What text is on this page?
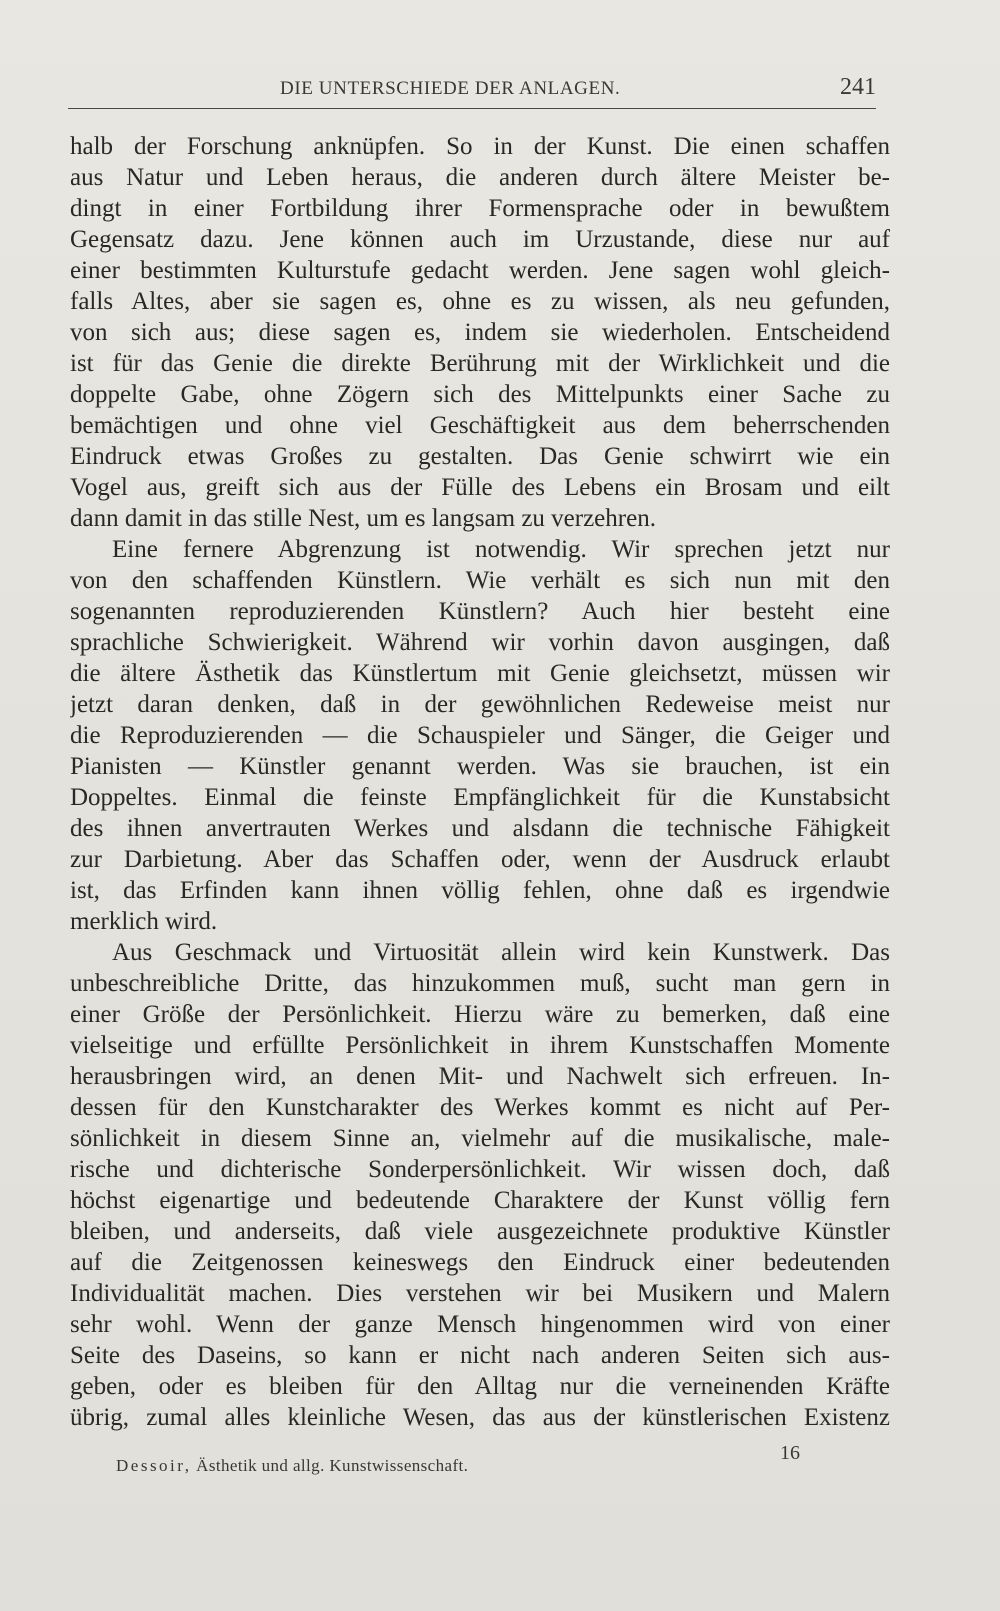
DIE UNTERSCHIEDE DER ANLAGEN.	241
halb der Forschung anknüpfen. So in der Kunst. Die einen schaffen
aus Natur und Leben heraus, die anderen durch ältere Meister be-
dingt in einer Fortbildung ihrer Formensprache oder in bewußtem
Gegensatz dazu. Jene können auch im Urzustande, diese nur auf
einer bestimmten Kulturstufe gedacht werden. Jene sagen wohl gleich-
falls Altes, aber sie sagen es, ohne es zu wissen, als neu gefunden,
von sich aus; diese sagen es, indem sie wiederholen. Entscheidend
ist für das Genie die direkte Berührung mit der Wirklichkeit und die
doppelte Gabe, ohne Zögern sich des Mittelpunkts einer Sache zu
bemächtigen und ohne viel Geschäftigkeit aus dem beherrschenden
Eindruck etwas Großes zu gestalten. Das Genie schwirrt wie ein
Vogel aus, greift sich aus der Fülle des Lebens ein Brosam und eilt
dann damit in das stille Nest, um es langsam zu verzehren.
Eine fernere Abgrenzung ist notwendig. Wir sprechen jetzt nur
von den schaffenden Künstlern. Wie verhält es sich nun mit den
sogenannten reproduzierenden Künstlern? Auch hier besteht eine
sprachliche Schwierigkeit. Während wir vorhin davon ausgingen, daß
die ältere Ästhetik das Künstlertum mit Genie gleichsetzt, müssen wir
jetzt daran denken, daß in der gewöhnlichen Redeweise meist nur
die Reproduzierenden — die Schauspieler und Sänger, die Geiger und
Pianisten — Künstler genannt werden. Was sie brauchen, ist ein
Doppeltes. Einmal die feinste Empfänglichkeit für die Kunstabsicht
des ihnen anvertrauten Werkes und alsdann die technische Fähigkeit
zur Darbietung. Aber das Schaffen oder, wenn der Ausdruck erlaubt
ist, das Erfinden kann ihnen völlig fehlen, ohne daß es irgendwie
merklich wird.
Aus Geschmack und Virtuosität allein wird kein Kunstwerk. Das
unbeschreibliche Dritte, das hinzukommen muß, sucht man gern in
einer Größe der Persönlichkeit. Hierzu wäre zu bemerken, daß eine
vielseitige und erfüllte Persönlichkeit in ihrem Kunstschaffen Momente
herausbringen wird, an denen Mit- und Nachwelt sich erfreuen. In-
dessen für den Kunstcharakter des Werkes kommt es nicht auf Per-
sönlichkeit in diesem Sinne an, vielmehr auf die musikalische, male-
rische und dichterische Sonderpersönlichkeit. Wir wissen doch, daß
höchst eigenartige und bedeutende Charaktere der Kunst völlig fern
bleiben, und anderseits, daß viele ausgezeichnete produktive Künstler
auf die Zeitgenossen keineswegs den Eindruck einer bedeutenden
Individualität machen. Dies verstehen wir bei Musikern und Malern
sehr wohl. Wenn der ganze Mensch hingenommen wird von einer
Seite des Daseins, so kann er nicht nach anderen Seiten sich aus-
geben, oder es bleiben für den Alltag nur die verneinenden Kräfte
übrig, zumal alles kleinliche Wesen, das aus der künstlerischen Existenz
Dessoir, Ästhetik und allg. Kunstwissenschaft.
16
